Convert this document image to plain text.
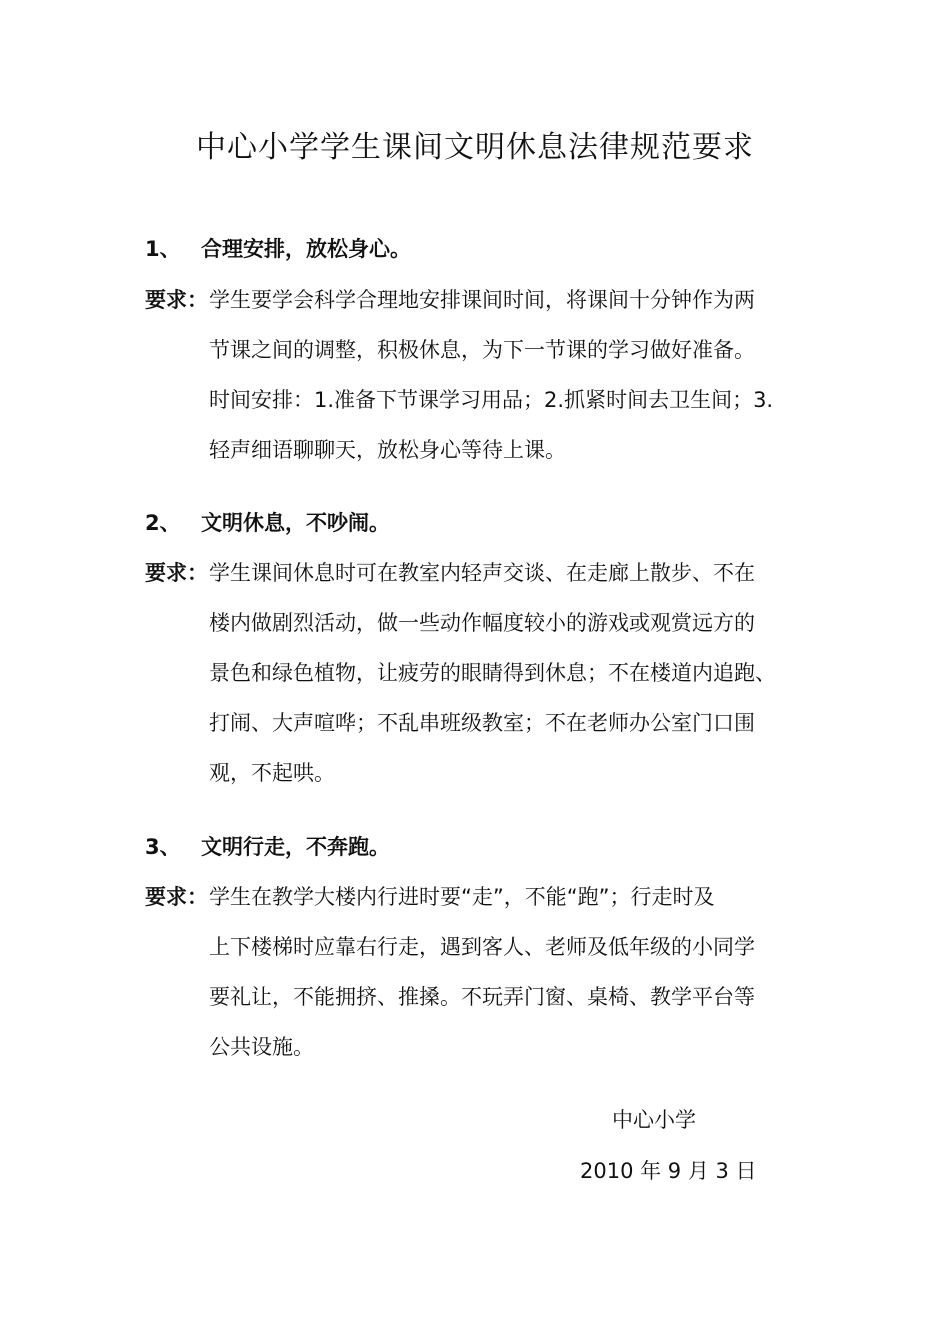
中心小学学生课间文明休息法律规范要求
1、 合理安排，放松身心。
要求： 学生要学会科学合理地安排课间时间，将课间十分钟作为两
节课之间的调整，积极休息，为下一节课的学习做好准备。
时间安排：1.准备下节课学习用品；2.抓紧时间去卫生间；3.
轻声细语聊聊天，放松身心等待上课。
2、 文明休息，不吵闹。
要求： 学生课间休息时可在教室内轻声交谈、在走廊上散步、不在
楼内做剧烈活动，做一些动作幅度较小的游戏或观赏远方的
景色和绿色植物，让疲劳的眼睛得到休息；不在楼道内追跑、
打闹、大声喧哗；不乱串班级教室；不在老师办公室门口围
观，不起哄。
3、 文明行走，不奔跑。
要求： 学生在教学大楼内行进时要“走”，不能“跑”；行走时及
上下楼梯时应靠右行走，遇到客人、老师及低年级的小同学
要礼让，不能拥挤、推搡。不玩弄门窗、桌椅、教学平台等
公共设施。
中心小学
2010 年 9 月 3 日
